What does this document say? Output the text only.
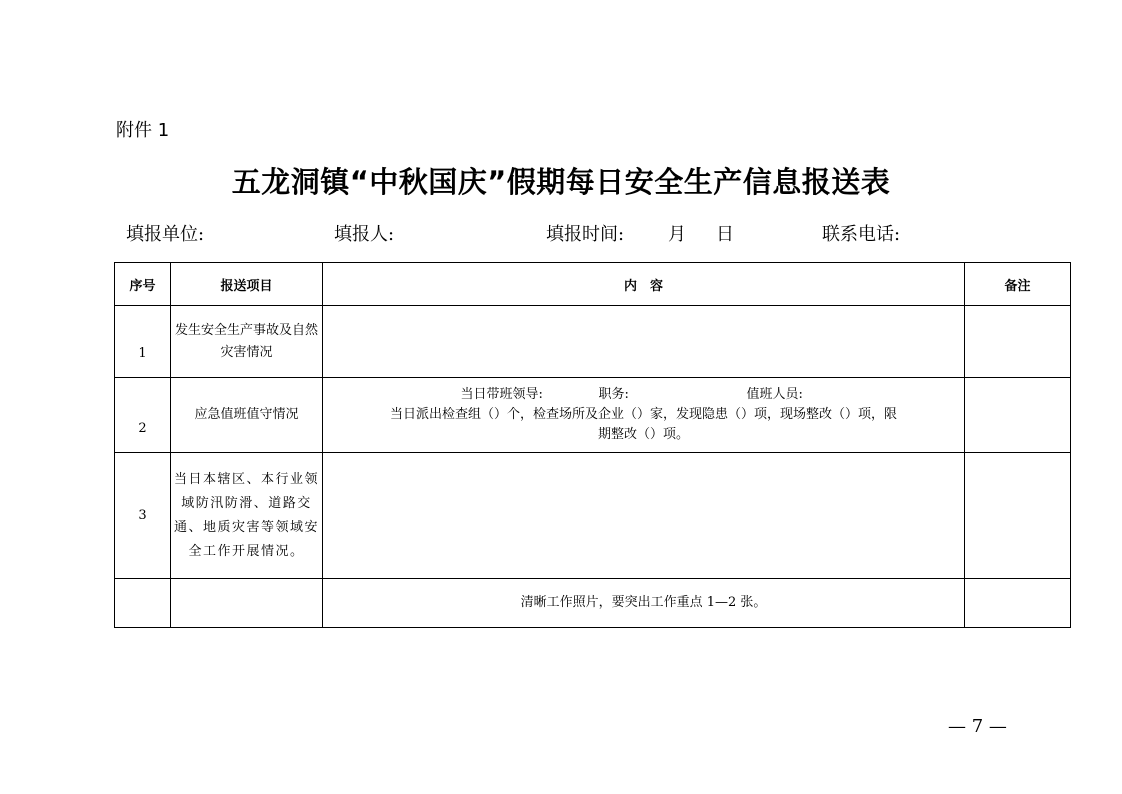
附件 1
五龙洞镇“中秋国庆”假期每日安全生产信息报送表
填报单位:	填报人:	填报时间: 月 日	联系电话:
序号	报送项目	内　容	备注
1	发生安全生产事故及自然
灾害情况		

2	应急值班值守情况	当日带班领导: 职务: 值班人员:
当日派出检查组（）个，检查场所及企业（）家，发现隐患（）项，现场整改（）项，限
期整改（）项。	

3	当日本辖区、本行业领
域防汛防滑、道路交
通、地质灾害等领域安
全工作开展情况。		

		清晰工作照片，要突出工作重点 1—2 张。	
— 7 —
